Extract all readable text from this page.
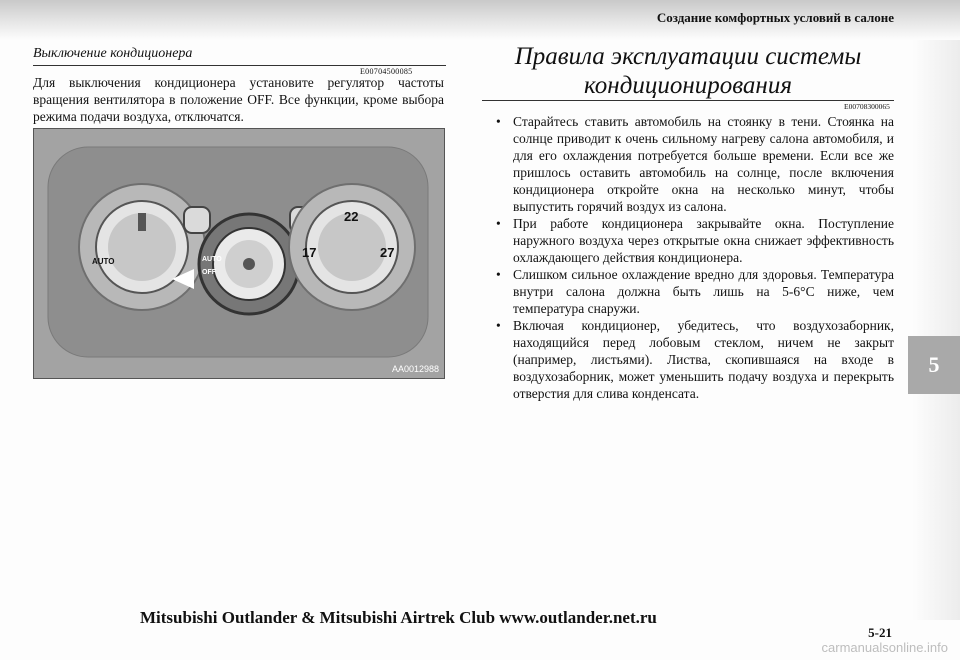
Создание комфортных условий в салоне
5
Выключение кондиционера
E00704500085
Для выключения кондиционера установите регулятор частоты вращения вентилятора в положение OFF. Все функции, кроме выбора режима подачи воздуха, отключатся.
AUTO	AUTO
OFF
22
17	27
AA0012988
Правила эксплуатации системы кондиционирования
E00708300065
• Старайтесь ставить автомобиль на стоянку в тени. Стоянка на солнце приводит к очень сильному нагреву салона автомобиля, и для его охлаждения потребуется больше времени. Если все же пришлось оставить автомобиль на солнце, после включения кондиционера откройте окна на несколько минут, чтобы выпустить горячий воздух из салона.
• При работе кондиционера закрывайте окна. Поступление наружного воздуха через открытые окна снижает эффективность охлаждающего действия кондиционера.
• Слишком сильное охлаждение вредно для здоровья. Температура внутри салона должна быть лишь на 5-6°С ниже, чем температура снаружи.
• Включая кондиционер, убедитесь, что воздухозаборник, находящийся перед лобовым стеклом, ничем не закрыт (например, листьями). Листва, скопившаяся на входе в воздухозаборник, может уменьшить подачу воздуха и перекрыть отверстия для слива конденсата.
Mitsubishi Outlander & Mitsubishi Airtrek Club www.outlander.net.ru
5-21
carmanualsonline.info
